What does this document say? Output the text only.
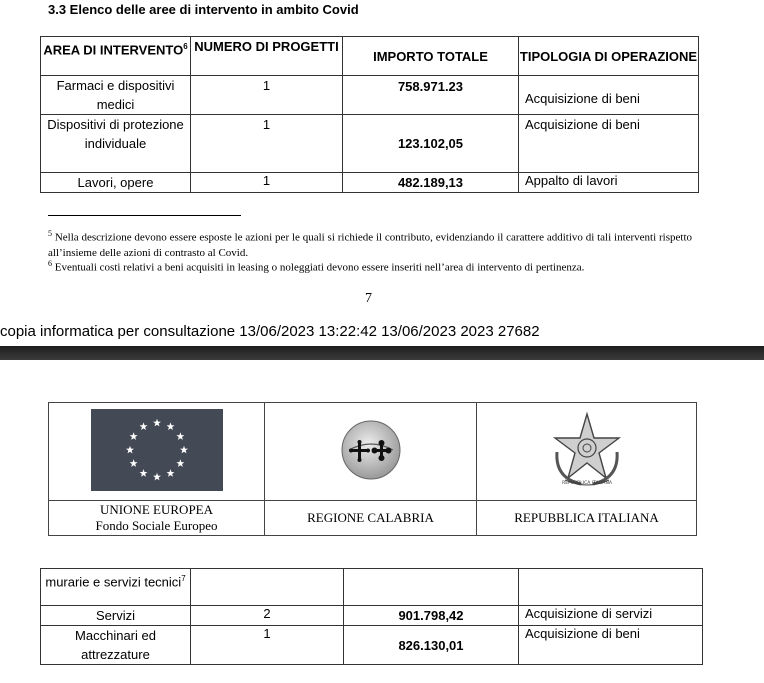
3.3 Elenco delle aree di intervento in ambito Covid
AREA DI INTERVENTO$^6$	NUMERO DI PROGETTI	IMPORTO TOTALE	TIPOLOGIA DI OPERAZIONE
Farmaci e dispositivi medici	1	758.971.23	Acquisizione di beni
Dispositivi di protezione individuale	1	123.102,05	Acquisizione di beni
Lavori, opere	1	482.189,13	Appalto di lavori
$^5$ Nella descrizione devono essere esposte le azioni per le quali si richiede il contributo, evidenziando il carattere additivo di tali interventi rispetto all’insieme delle azioni di contrasto al Covid.
$^6$ Eventuali costi relativi a beni acquisiti in leasing o noleggiati devono essere inseriti nell’area di intervento di pertinenza.
7
copia informatica per consultazione 13/06/2023 13:22:42 13/06/2023 2023 27682

REPUBBLICA ITALIANA

UNIONE EUROPEA
Fondo Sociale Europeo	REGIONE CALABRIA	REPUBBLICA ITALIANA
murarie e servizi tecnici$^7$			
Servizi	2	901.798,42	Acquisizione di servizi
Macchinari ed attrezzature	1	826.130,01	Acquisizione di beni
